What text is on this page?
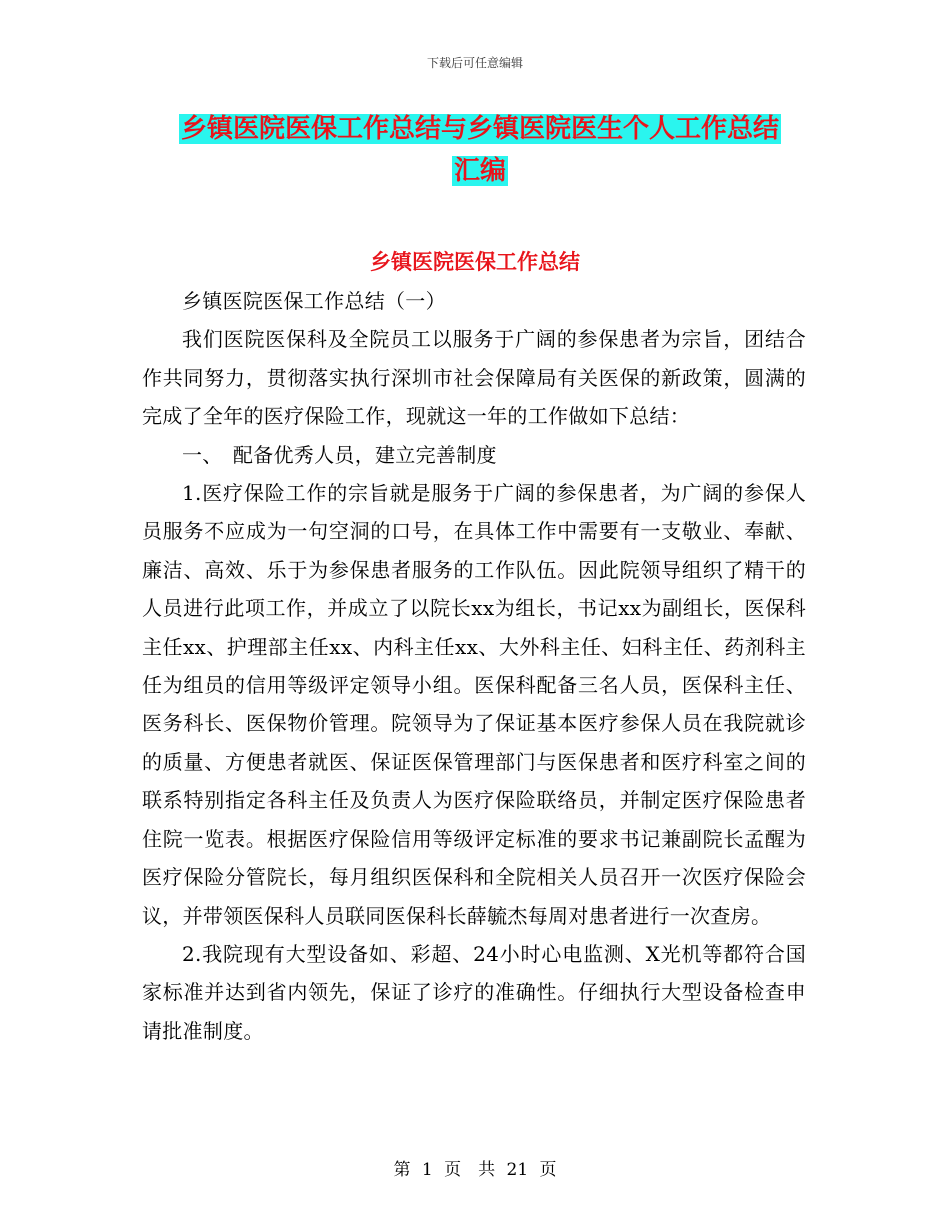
下载后可任意编辑
乡镇医院医保工作总结与乡镇医院医生个人工作总结
汇编
乡镇医院医保工作总结

乡镇医院医保工作总结（一）

我们医院医保科及全院员工以服务于广阔的参保患者为宗旨，团结合作共同努力，贯彻落实执行深圳市社会保障局有关医保的新政策，圆满的完成了全年的医疗保险工作，现就这一年的工作做如下总结：

一、　配备优秀人员，建立完善制度

1.医疗保险工作的宗旨就是服务于广阔的参保患者，为广阔的参保人员服务不应成为一句空洞的口号，在具体工作中需要有一支敬业、奉献、廉洁、高效、乐于为参保患者服务的工作队伍。因此院领导组织了精干的人员进行此项工作，并成立了以院长xx为组长，书记xx为副组长，医保科主任xx、护理部主任xx、内科主任xx、大外科主任、妇科主任、药剂科主任为组员的信用等级评定领导小组。医保科配备三名人员，医保科主任、医务科长、医保物价管理。院领导为了保证基本医疗参保人员在我院就诊的质量、方便患者就医、保证医保管理部门与医保患者和医疗科室之间的联系特别指定各科主任及负责人为医疗保险联络员，并制定医疗保险患者住院一览表。根据医疗保险信用等级评定标准的要求书记兼副院长孟醒为医疗保险分管院长，每月组织医保科和全院相关人员召开一次医疗保险会议，并带领医保科人员联同医保科长薛毓杰每周对患者进行一次查房。

2.我院现有大型设备如、彩超、24小时心电监测、X光机等都符合国家标准并达到省内领先，保证了诊疗的准确性。仔细执行大型设备检查申请批准制度。

第 1 页　共 21 页
